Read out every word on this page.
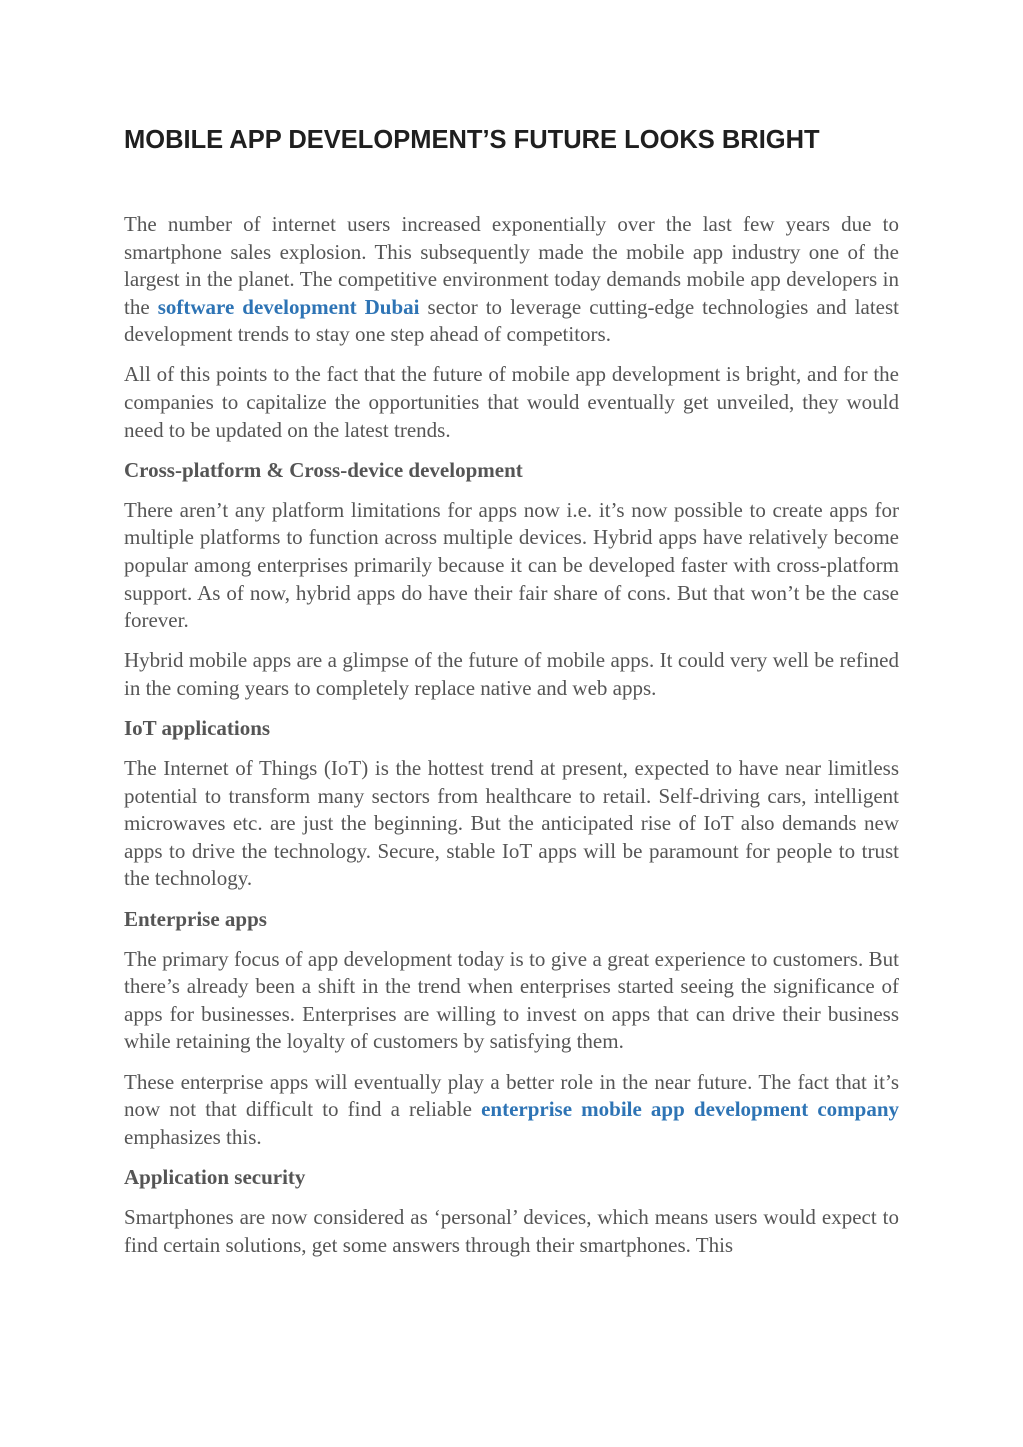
MOBILE APP DEVELOPMENT’S FUTURE LOOKS BRIGHT

The number of internet users increased exponentially over the last few years due to smartphone sales explosion. This subsequently made the mobile app industry one of the largest in the planet. The competitive environment today demands mobile app developers in the software development Dubai sector to leverage cutting-edge technologies and latest development trends to stay one step ahead of competitors.

All of this points to the fact that the future of mobile app development is bright, and for the companies to capitalize the opportunities that would eventually get unveiled, they would need to be updated on the latest trends.

Cross-platform & Cross-device development

There aren’t any platform limitations for apps now i.e. it’s now possible to create apps for multiple platforms to function across multiple devices. Hybrid apps have relatively become popular among enterprises primarily because it can be developed faster with cross-platform support. As of now, hybrid apps do have their fair share of cons. But that won’t be the case forever.

Hybrid mobile apps are a glimpse of the future of mobile apps. It could very well be refined in the coming years to completely replace native and web apps.

IoT applications

The Internet of Things (IoT) is the hottest trend at present, expected to have near limitless potential to transform many sectors from healthcare to retail. Self-driving cars, intelligent microwaves etc. are just the beginning. But the anticipated rise of IoT also demands new apps to drive the technology. Secure, stable IoT apps will be paramount for people to trust the technology.

Enterprise apps

The primary focus of app development today is to give a great experience to customers. But there’s already been a shift in the trend when enterprises started seeing the significance of apps for businesses. Enterprises are willing to invest on apps that can drive their business while retaining the loyalty of customers by satisfying them.

These enterprise apps will eventually play a better role in the near future. The fact that it’s now not that difficult to find a reliable enterprise mobile app development company emphasizes this.

Application security

Smartphones are now considered as ‘personal’ devices, which means users would expect to find certain solutions, get some answers through their smartphones. This
